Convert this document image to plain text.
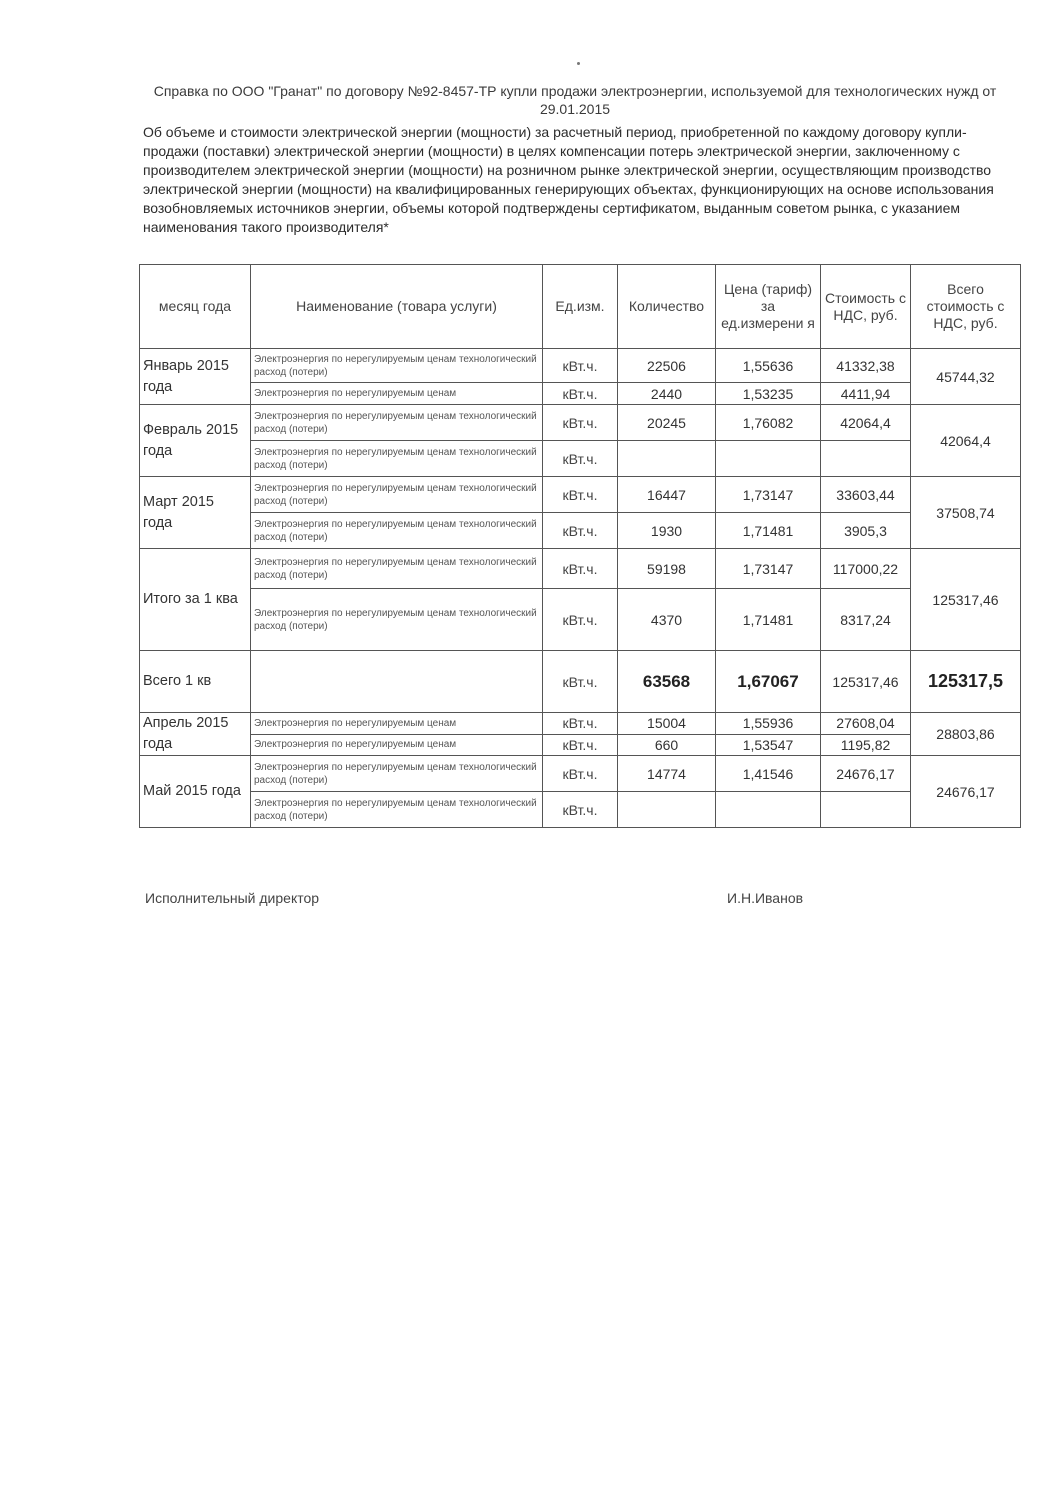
Справка по ООО "Гранат" по договору №92-8457-ТР купли продажи электроэнергии, используемой для технологических нужд от 29.01.2015
Об объеме и стоимости электрической энергии (мощности) за расчетный период, приобретенной по каждому договору купли-продажи (поставки) электрической энергии (мощности) в целях компенсации потерь электрической энергии, заключенному с производителем электрической энергии (мощности) на розничном рынке электрической энергии, осуществляющим производство электрической энергии (мощности) на квалифицированных генерирующих объектах, функционирующих на основе использования возобновляемых источников энергии, объемы которой подтверждены сертификатом, выданным советом рынка, с указанием наименования такого производителя*
месяц года	Наименование (товара услуги)	Ед.изм.	Количество	Цена (тариф) за ед.измерени я	Стоимость с НДС, руб.	Всего стоимость с НДС, руб.
Январь 2015 года	Электроэнергия по нерегулируемым ценам технологический расход (потери)	кВт.ч.	22506	1,55636	41332,38	45744,32
	Электроэнергия по нерегулируемым ценам	кВт.ч.	2440	1,53235	4411,94	
Февраль 2015 года	Электроэнергия по нерегулируемым ценам технологический расход (потери)	кВт.ч.	20245	1,76082	42064,4	42064,4
	Электроэнергия по нерегулируемым ценам технологический расход (потери)	кВт.ч.				
Март 2015 года	Электроэнергия по нерегулируемым ценам технологический расход (потери)	кВт.ч.	16447	1,73147	33603,44	37508,74
	Электроэнергия по нерегулируемым ценам технологический расход (потери)	кВт.ч.	1930	1,71481	3905,3	
Итого за 1 ква	Электроэнергия по нерегулируемым ценам технологический расход (потери)	кВт.ч.	59198	1,73147	117000,22	125317,46
	Электроэнергия по нерегулируемым ценам технологический расход (потери)	кВт.ч.	4370	1,71481	8317,24	
Всего 1 кв		кВт.ч.	63568	1,67067	125317,46	125317,5
Апрель 2015 года	Электроэнергия по нерегулируемым ценам	кВт.ч.	15004	1,55936	27608,04	28803,86
	Электроэнергия по нерегулируемым ценам	кВт.ч.	660	1,53547	1195,82	
Май 2015 года	Электроэнергия по нерегулируемым ценам технологический расход (потери)	кВт.ч.	14774	1,41546	24676,17	24676,17
	Электроэнергия по нерегулируемым ценам технологический расход (потери)	кВт.ч.				
Исполнительный директор	И.Н.Иванов
